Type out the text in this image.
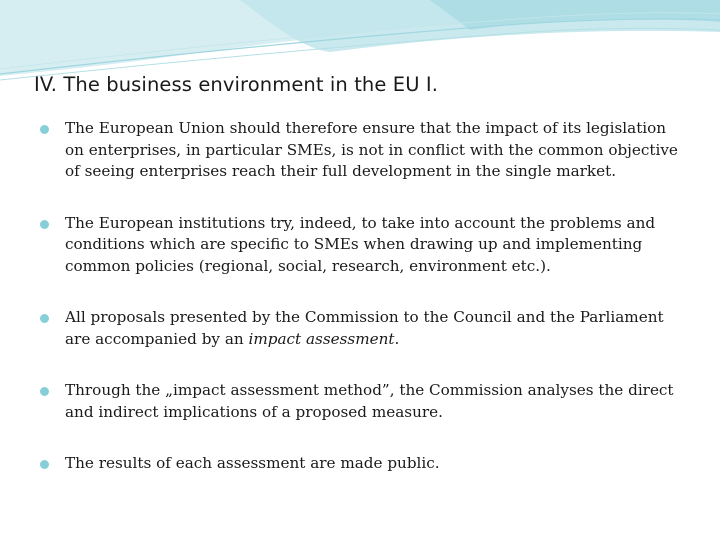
IV. The business environment in the EU I.
The European Union should therefore ensure that the impact of its legislation on enterprises, in particular SMEs, is not in conflict with the common objective of seeing enterprises reach their full development in the single market.
The European institutions try, indeed, to take into account the problems and conditions which are specific to SMEs when drawing up and implementing common policies (regional, social, research, environment etc.).
All proposals presented by the Commission to the Council and the Parliament are accompanied by an impact assessment.
Through the „impact assessment method”, the Commission analyses the direct and indirect implications of a proposed measure.
The results of each assessment are made public.
